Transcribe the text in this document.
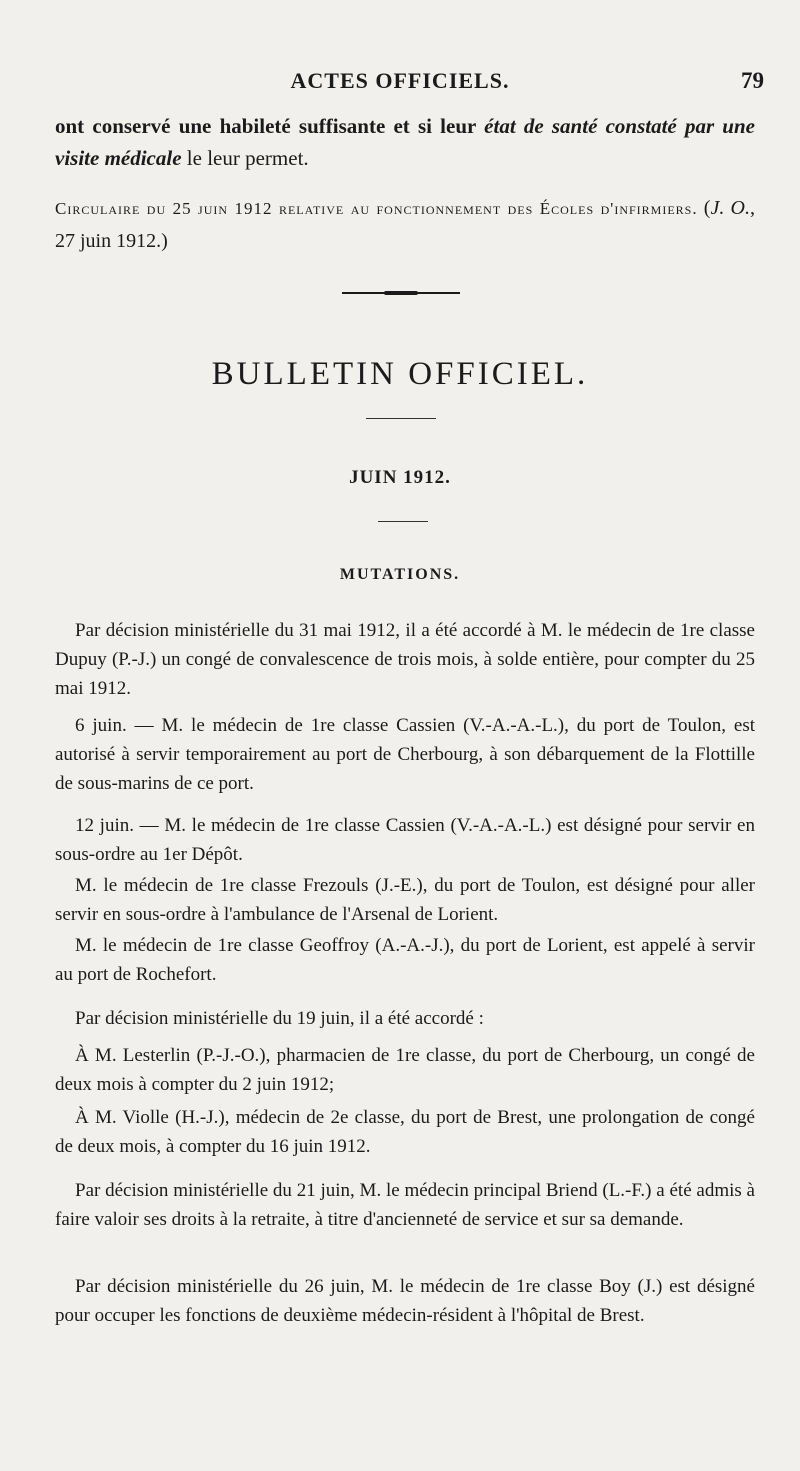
ACTES OFFICIELS.	79
ont conservé une habileté suffisante et si leur état de santé constaté par une visite médicale le leur permet.
Circulaire du 25 juin 1912 relative au fonctionnement des Écoles d'infirmiers. (J. O., 27 juin 1912.)
BULLETIN OFFICIEL.
JUIN 1912.
MUTATIONS.
Par décision ministérielle du 31 mai 1912, il a été accordé à M. le médecin de 1re classe Dupuy (P.-J.) un congé de convalescence de trois mois, à solde entière, pour compter du 25 mai 1912.
6 juin. — M. le médecin de 1re classe Cassien (V.-A.-A.-L.), du port de Toulon, est autorisé à servir temporairement au port de Cherbourg, à son débarquement de la Flottille de sous-marins de ce port.
12 juin. — M. le médecin de 1re classe Cassien (V.-A.-A.-L.) est désigné pour servir en sous-ordre au 1er Dépôt.
M. le médecin de 1re classe Frezouls (J.-E.), du port de Toulon, est désigné pour aller servir en sous-ordre à l'ambulance de l'Arsenal de Lorient.
M. le médecin de 1re classe Geoffroy (A.-A.-J.), du port de Lorient, est appelé à servir au port de Rochefort.
Par décision ministérielle du 19 juin, il a été accordé :
À M. Lesterlin (P.-J.-O.), pharmacien de 1re classe, du port de Cherbourg, un congé de deux mois à compter du 2 juin 1912;
À M. Violle (H.-J.), médecin de 2e classe, du port de Brest, une prolongation de congé de deux mois, à compter du 16 juin 1912.
Par décision ministérielle du 21 juin, M. le médecin principal Briend (L.-F.) a été admis à faire valoir ses droits à la retraite, à titre d'ancienneté de service et sur sa demande.
Par décision ministérielle du 26 juin, M. le médecin de 1re classe Boy (J.) est désigné pour occuper les fonctions de deuxième médecin-résident à l'hôpital de Brest.
